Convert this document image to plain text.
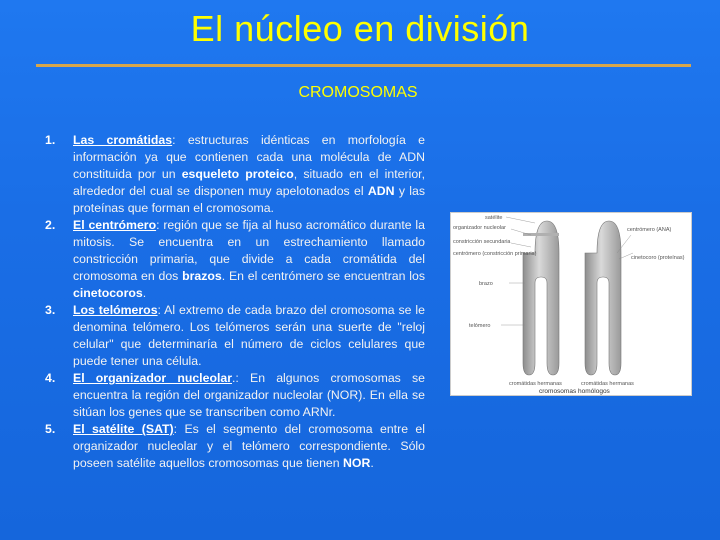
El núcleo en división
CROMOSOMAS
1. Las cromátidas: estructuras idénticas en morfología e información ya que contienen cada una molécula de ADN constituida por un esqueleto proteico, situado en el interior, alrededor del cual se disponen muy apelotonados el ADN y las proteínas que forman el cromosoma.
2. El centrómero: región que se fija al huso acromático durante la mitosis. Se encuentra en un estrechamiento llamado constricción primaria, que divide a cada cromátida del cromosoma en dos brazos. En el centrómero se encuentran los cinetocoros.
3. Los telómeros: Al extremo de cada brazo del cromosoma se le denomina telómero. Los telómeros serán una suerte de "reloj celular" que determinaría el número de ciclos celulares que puede tener una célula.
4. El organizador nucleolar.: En algunos cromosomas se encuentra la región del organizador nucleolar (NOR). En ella se sitúan los genes que se transcriben como ARNr.
5. El satélite (SAT): Es el segmento del cromosoma entre el organizador nucleolar y el telómero correspondiente. Sólo poseen satélite aquellos cromosomas que tienen NOR.
satélite
organizador nucleolar
constricción secundaria
centrómero (constricción primaria)
brazo
telómero
centrómero (ANA)
cinetocoro (proteínas)
cromátidas hermanas	cromátidas hermanas
cromosomas homólogos
